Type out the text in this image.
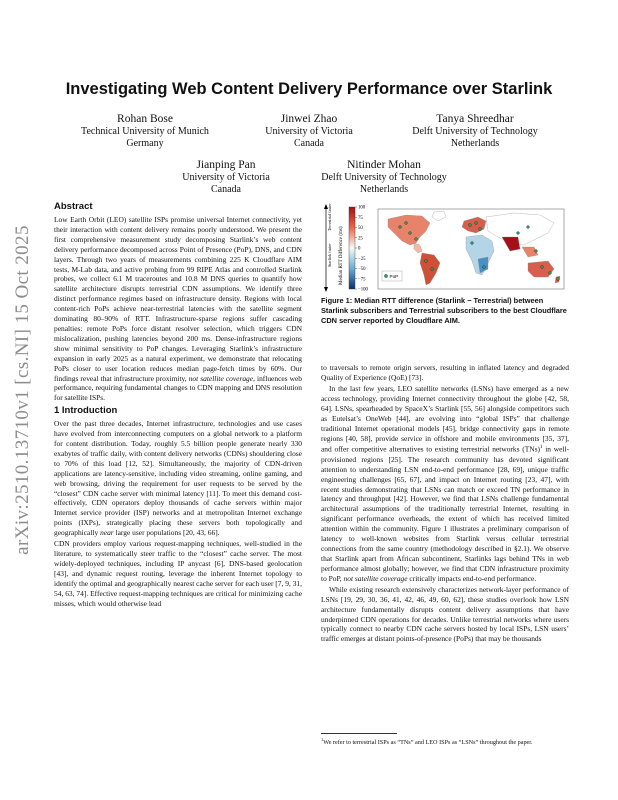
arXiv:2510.13710v1 [cs.NI] 15 Oct 2025
Investigating Web Content Delivery Performance over Starlink
Rohan Bose
Technical University of Munich
Germany
Jinwei Zhao
University of Victoria
Canada
Tanya Shreedhar
Delft University of Technology
Netherlands
Jianping Pan
University of Victoria
Canada
Nitinder Mohan
Delft University of Technology
Netherlands
Abstract

Low Earth Orbit (LEO) satellite ISPs promise universal Internet connectivity, yet their interaction with content delivery remains poorly understood. We present the first comprehensive measurement study decomposing Starlink’s web content delivery performance decomposed across Point of Presence (PoP), DNS, and CDN layers. Through two years of measurements combining 225 K Cloudflare AIM tests, M-Lab data, and active probing from 99 RIPE Atlas and controlled Starlink probes, we collect 6.1 M traceroutes and 10.8 M DNS queries to quantify how satellite architecture disrupts terrestrial CDN assumptions. We identify three distinct performance regimes based on infrastructure density. Regions with local content-rich PoPs achieve near-terrestrial latencies with the satellite segment dominating 80–90% of RTT. Infrastructure-sparse regions suffer cascading penalties: remote PoPs force distant resolver selection, which triggers CDN mislocalization, pushing latencies beyond 200 ms. Dense-infrastructure regions show minimal sensitivity to PoP changes. Leveraging Starlink’s infrastructure expansion in early 2025 as a natural experiment, we demonstrate that relocating PoPs closer to user location reduces median page-fetch times by 60%. Our findings reveal that infrastructure proximity, not satellite coverage, influences web performance, requiring fundamental changes to CDN mapping and DNS resolution for satellite ISPs.

1 Introduction

Over the past three decades, Internet infrastructure, technologies and use cases have evolved from interconnecting computers on a global network to a platform for content distribution. Today, roughly 5.5 billion people generate nearly 330 exabytes of traffic daily, with content delivery networks (CDNs) shouldering close to 70% of this load [12, 52]. Simultaneously, the majority of CDN-driven applications are latency-sensitive, including video streaming, online gaming, and web browsing, driving the requirement for user requests to be served by the “closest” CDN cache server with minimal latency [11]. To meet this demand cost-effectively, CDN operators deploy thousands of cache servers within major Internet service provider (ISP) networks and at metropolitan Internet exchange points (IXPs), strategically placing these servers both topologically and geographically near large user populations [20, 43, 66].

CDN providers employ various request-mapping techniques, well-studied in the literature, to systematically steer traffic to the “closest” cache server. The most widely-deployed techniques, including IP anycast [6], DNS-based geolocation [43], and dynamic request routing, leverage the inherent Internet topology to identify the optimal and geographically nearest cache server for each user [7, 9, 31, 54, 63, 74]. Effective request-mapping techniques are critical for minimizing cache misses, which would otherwise lead

Starlink faster
Terrestrial faster
Median RTT Difference (ms)
100
75
50
25
0
−25
−50
−75
−100
PoP
Figure 1: Median RTT difference (Starlink − Terrestrial) between Starlink subscribers and Terrestrial subscribers to the best Cloudflare CDN server reported by Cloudflare AIM.

to traversals to remote origin servers, resulting in inflated latency and degraded Quality of Experience (QoE) [73].

In the last few years, LEO satellite networks (LSNs) have emerged as a new access technology, providing Internet connectivity throughout the globe [42, 58, 64]. LSNs, spearheaded by SpaceX’s Starlink [55, 56] alongside competitors such as Eutelsat’s OneWeb [44], are evolving into “global ISPs” that challenge traditional Internet operational models [45], bridge connectivity gaps in remote regions [40, 58], provide service in offshore and mobile environments [35, 37], and offer competitive alternatives to existing terrestrial networks (TNs)$^1$ in well-provisioned regions [25]. The research community has devoted significant attention to understanding LSN end-to-end performance [28, 69], unique traffic engineering challenges [65, 67], and impact on Internet routing [23, 47], with recent studies demonstrating that LSNs can match or exceed TN performance in latency and throughput [42]. However, we find that LSNs challenge fundamental architectural assumptions of the traditionally terrestrial Internet, resulting in significant performance overheads, the extent of which has received limited attention within the community. Figure 1 illustrates a preliminary comparison of latency to well-known websites from Starlink versus cellular terrestrial connections from the same country (methodology described in §2.1). We observe that Starlink apart from African subcontinent, Starlinks lags behind TNs in web performance almost globally; however, we find that CDN infrastructure proximity to PoP, not satellite coverage critically impacts end-to-end performance.

While existing research extensively characterizes network-layer performance of LSNs [19, 29, 30, 36, 41, 42, 46, 49, 60, 62], these studies overlook how LSN architecture fundamentally disrupts content delivery assumptions that have underpinned CDN operations for decades. Unlike terrestrial networks where users typically connect to nearby CDN cache servers hosted by local ISPs, LSN users’ traffic emerges at distant points-of-presence (PoPs) that may be thousands

$^1$We refer to terrestrial ISPs as “TNs” and LEO ISPs as “LSNs” throughout the paper.
